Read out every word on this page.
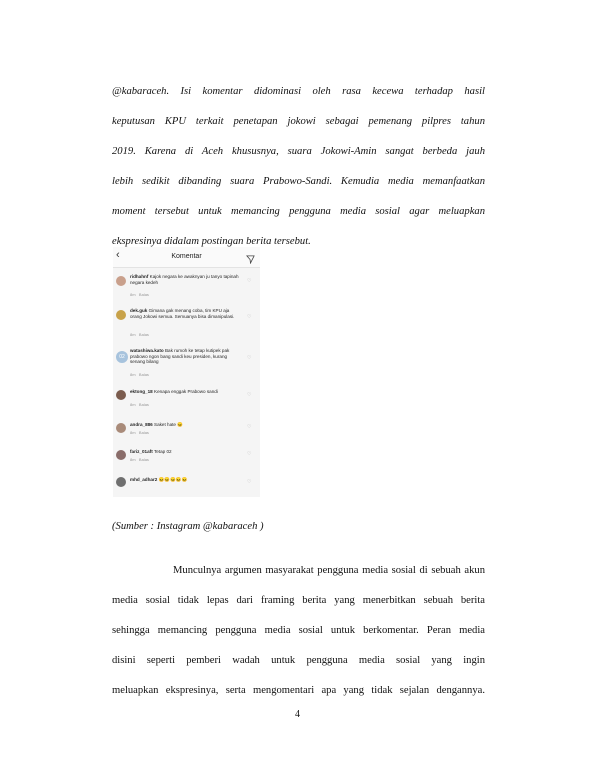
@kabaraceh. Isi komentar didominasi oleh rasa kecewa terhadap hasil
keputusan KPU terkait penetapan jokowi sebagai pemenang pilpres tahun
2019. Karena di Aceh khususnya, suara Jokowi-Amin sangat berbeda jauh
lebih sedikit dibanding suara Prabowo-Sandi. Kemudia media memanfaatkan
moment tersebut untuk memancing pengguna media sosial agar meluapkan
ekspresinya didalam postingan berita tersebut.
‹	Komentar
ridhahnf Kajok negara ke awaknyan ju tanyo tapinah negara kedeh
8m Balas
♡
dek.guk Gimana gak menang coba, tim KPU aja orang Jokowi semua. Semuanya bisa dimanipulasi.
8m Balas
♡
02
watashiwa.kato Bak rumoh ke tetap kutipek pak prabowo ngon bang sandi keu presiden, kurang senang bilang
8m Balas
♡
ektong_18 Kenapa enggak Prabowo sandi
8m Balas
♡
andra_886 Saket hate 😖
8m Balas
♡
fariz_01aft Tetap 02
8m Balas
♡
mhd_adhar2 😖😖😖😖😖	♡
(Sumber : Instagram @kabaraceh )
Munculnya argumen masyarakat pengguna media sosial di sebuah akun
media sosial tidak lepas dari framing berita yang menerbitkan sebuah berita
sehingga memancing pengguna media sosial untuk berkomentar. Peran media
disini seperti pemberi wadah untuk pengguna media sosial yang ingin
meluapkan ekspresinya, serta mengomentari apa yang tidak sejalan dengannya.
4
